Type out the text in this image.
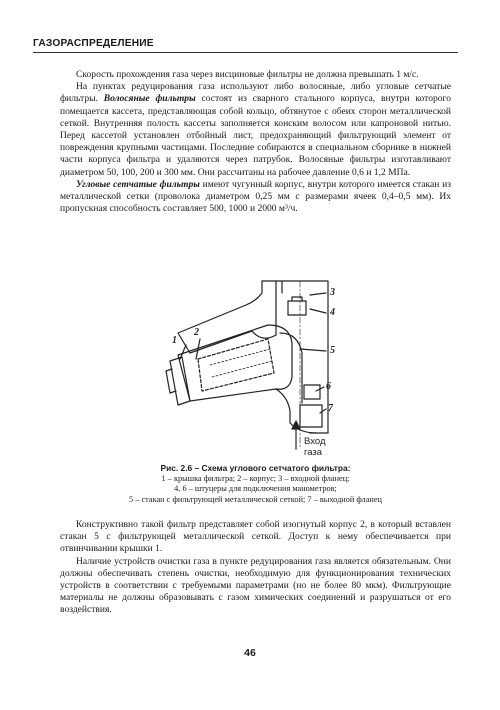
ГАЗОРАСПРЕДЕЛЕНИЕ

Скорость прохождения газа через висциновые фильтры не должна превышать 1 м/с.

На пунктах редуцирования газа используют либо волосяные, либо угловые сетчатые фильтры. Волосяные фильтры состоят из сварного стального корпуса, внутри которого помещается кассета, представляющая собой кольцо, обтянутое с обеих сторон металлической сеткой. Внутренняя полость кассеты заполняется конским волосом или капроновой нитью. Перед кассетой установлен отбойный лист, предохраняющий фильтрующий элемент от повреждения крупными частицами. Последние собираются в специальном сборнике в нижней части корпуса фильтра и удаляются через патрубок. Волосяные фильтры изготавливают диаметром 50, 100, 200 и 300 мм. Они рассчитаны на рабочее давление 0,6 и 1,2 МПа.

Угловые сетчатые фильтры имеют чугунный корпус, внутри которого имеется стакан из металлической сетки (проволока диаметром 0,25 мм с размерами ячеек 0,4–0,5 мм). Их пропускная способность составляет 500, 1000 и 2000 м³/ч.

1
2
3
4
5
6
7
Вход
газа
Рис. 2.6 – Схема углового сетчатого фильтра:
1 – крышка фильтра; 2 – корпус; 3 – входной фланец;
4, 6 – штуцеры для подключения манометров;
5 – стакан с фильтрующей металлической сеткой; 7 – выходной фланец

Конструктивно такой фильтр представляет собой изогнутый корпус 2, в который вставлен стакан 5 с фильтрующей металлической сеткой. Доступ к нему обеспечивается при отвинчивании крышки 1.

Наличие устройств очистки газа в пункте редуцирования газа является обязательным. Они должны обеспечивать степень очистки, необходимую для функционирования технических устройств в соответствии с требуемыми параметрами (но не более 80 мкм). Фильтрующие материалы не должны образовывать с газом химических соединений и разрушаться от его воздействия.

46
